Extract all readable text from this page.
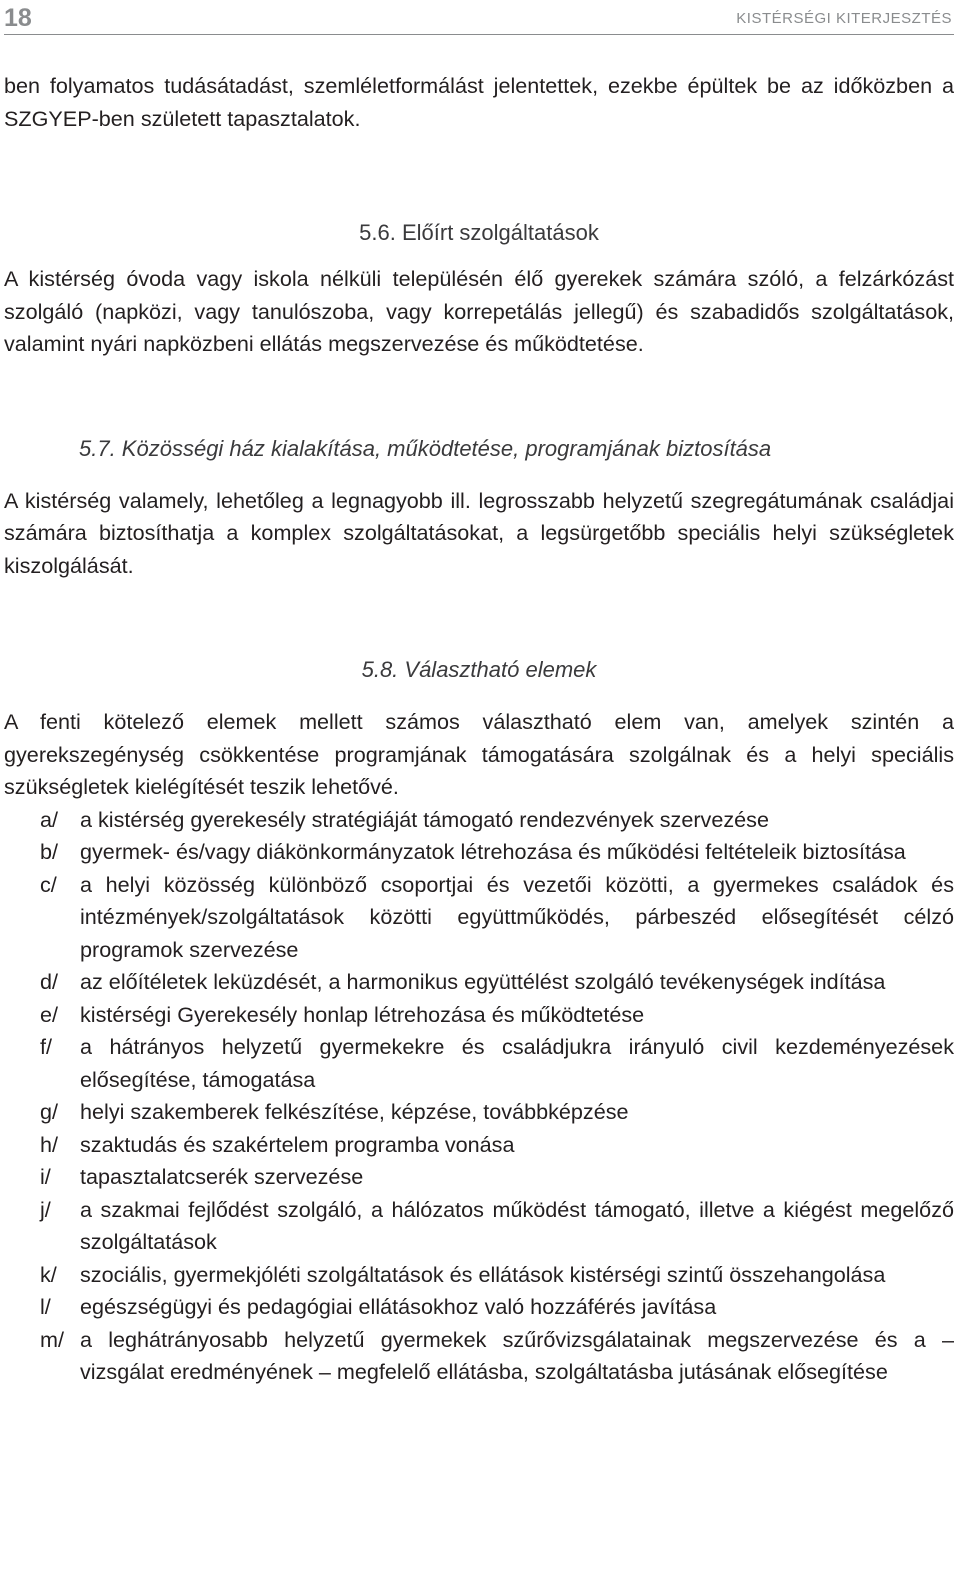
18	KISTÉRSÉGI KITERJESZTÉS

ben folyamatos tudásátadást, szemléletformálást jelentettek, ezekbe épültek be az időközben a SZGYEP-ben született tapasztalatok.

5.6. Előírt szolgáltatások

A kistérség óvoda vagy iskola nélküli településén élő gyerekek számára szóló, a felzárkózást szolgáló (napközi, vagy tanulószoba, vagy korrepetálás jellegű) és szabadidős szolgáltatások, valamint nyári napközbeni ellátás megszervezése és működtetése.

5.7. Közösségi ház kialakítása, működtetése, programjának biztosítása

A kistérség valamely, lehetőleg a legnagyobb ill. legrosszabb helyzetű szegregátumának családjai számára biztosíthatja a komplex szolgáltatásokat, a legsürgetőbb speciális helyi szükségletek kiszolgálását.

5.8. Választható elemek

A fenti kötelező elemek mellett számos választható elem van, amelyek szintén a gyerekszegénység csökkentése programjának támogatására szolgálnak és a helyi speciális szükségletek kielégítését teszik lehetővé.

a/ a kistérség gyerekesély stratégiáját támogató rendezvények szervezése
b/ gyermek- és/vagy diákönkormányzatok létrehozása és működési feltételeik biztosítása
c/ a helyi közösség különböző csoportjai és vezetői közötti, a gyermekes családok és intézmények/szolgáltatások közötti együttműködés, párbeszéd elősegítését célzó programok szervezése
d/ az előítéletek leküzdését, a harmonikus együttélést szolgáló tevékenységek indítása
e/ kistérségi Gyerekesély honlap létrehozása és működtetése
f/ a hátrányos helyzetű gyermekekre és családjukra irányuló civil kezdeményezések elősegítése, támogatása
g/ helyi szakemberek felkészítése, képzése, továbbképzése
h/ szaktudás és szakértelem programba vonása
i/ tapasztalatcserék szervezése
j/ a szakmai fejlődést szolgáló, a hálózatos működést támogató, illetve a kiégést megelőző szolgáltatások
k/ szociális, gyermekjóléti szolgáltatások és ellátások kistérségi szintű összehangolása
l/ egészségügyi és pedagógiai ellátásokhoz való hozzáférés javítása
m/ a leghátrányosabb helyzetű gyermekek szűrővizsgálatainak megszervezése és a – vizsgálat eredményének – megfelelő ellátásba, szolgáltatásba jutásának elősegítése
